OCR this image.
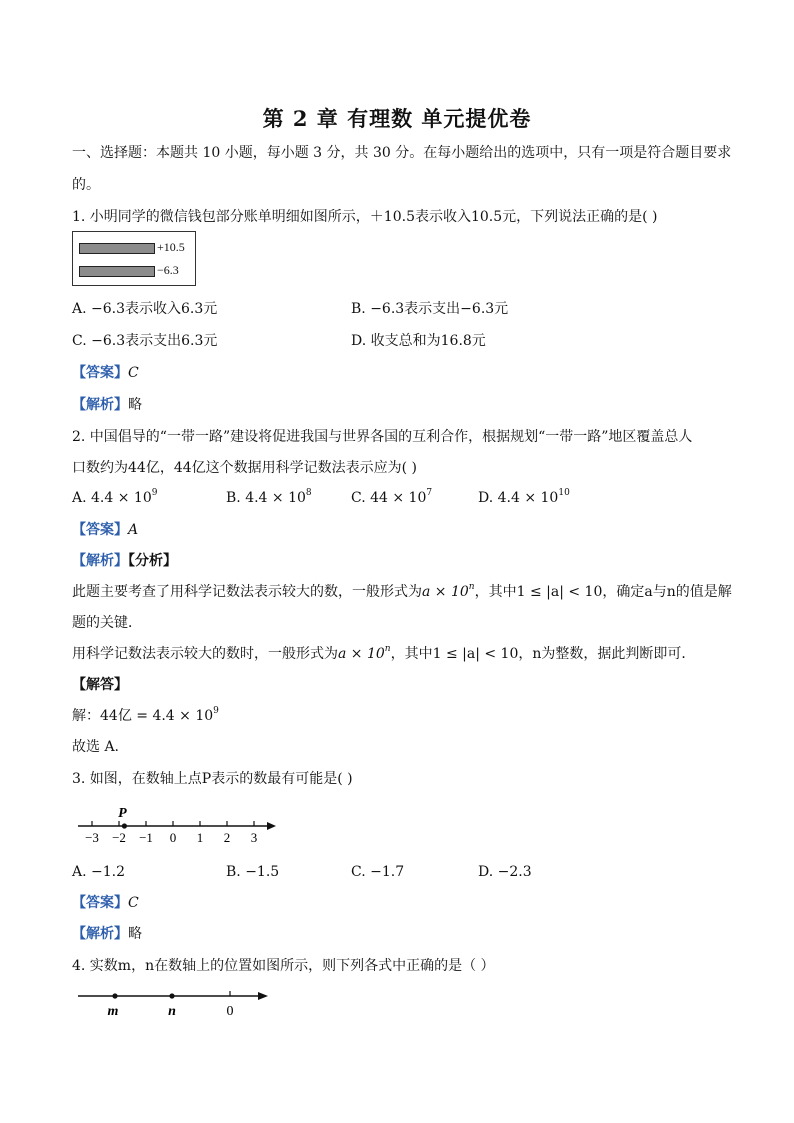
第 2 章 有理数 单元提优卷
一、选择题：本题共 10 小题，每小题 3 分，共 30 分。在每小题给出的选项中，只有一项是符合题目要求
的。
1. 小明同学的微信钱包部分账单明细如图所示，＋10.5表示收入10.5元，下列说法正确的是( )
+10.5
−6.3
A. −6.3表示收入6.3元	B. −6.3表示支出−6.3元
C. −6.3表示支出6.3元	D. 收支总和为16.8元
【答案】C
【解析】略
2. 中国倡导的“一带一路”建设将促进我国与世界各国的互利合作，根据规划“一带一路”地区覆盖总人
口数约为44亿，44亿这个数据用科学记数法表示应为( )
A. $4.4 \times 10^9$	B. $4.4 \times 10^8$	C. $44 \times 10^7$	D. $4.4 \times 10^{10}$
【答案】A
【解析】【分析】
此题主要考查了用科学记数法表示较大的数，一般形式为$a \times 10^n$，其中1 ≤ |a| < 10，确定a与n的值是解
题的关键．
用科学记数法表示较大的数时，一般形式为$a \times 10^n$，其中1 ≤ |a| < 10，n为整数，据此判断即可．
【解答】
解：44亿 = $4.4 \times 10^9$
故选 A.
3. 如图，在数轴上点P表示的数最有可能是( )
−3 −2 −1 0 1 2 3
P
A. −1.2	B. −1.5	C. −1.7	D. −2.3
【答案】C
【解析】略
4. 实数m，n在数轴上的位置如图所示，则下列各式中正确的是（ ）
m	n	0
